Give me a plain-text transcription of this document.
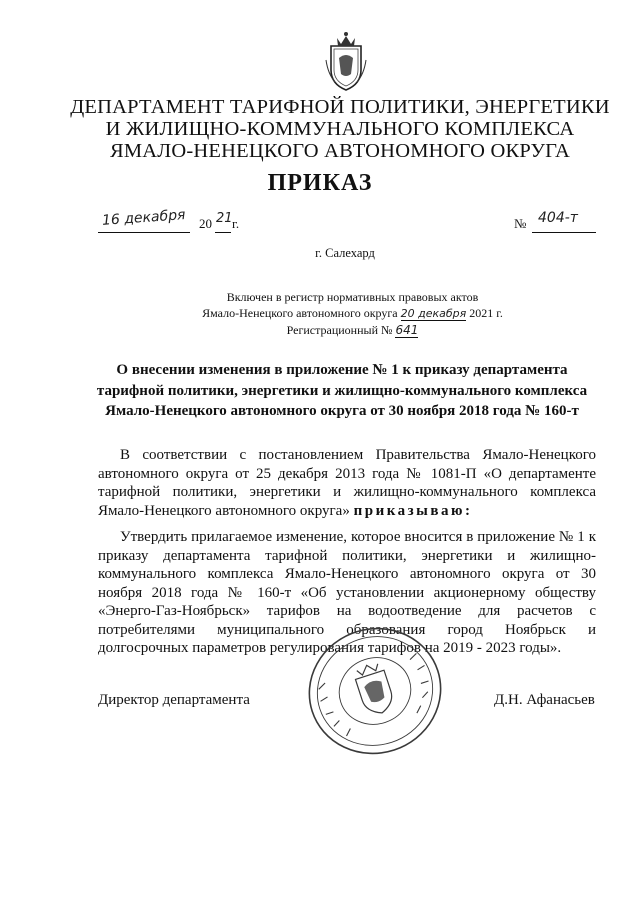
ДЕПАРТАМЕНТ ТАРИФНОЙ ПОЛИТИКИ, ЭНЕРГЕТИКИ
И ЖИЛИЩНО-КОММУНАЛЬНОГО КОМПЛЕКСА
ЯМАЛО-НЕНЕЦКОГО АВТОНОМНОГО ОКРУГА
ПРИКАЗ
16 декабря 20 21 г.	№ 404-т
г. Салехард
Включен в регистр нормативных правовых актов
Ямало-Ненецкого автономного округа 20 декабря 2021 г.
Регистрационный № 641
О внесении изменения в приложение № 1 к приказу департамента
тарифной политики, энергетики и жилищно-коммунального комплекса
Ямало-Ненецкого автономного округа от 30 ноября 2018 года № 160-т
В соответствии с постановлением Правительства Ямало-Ненецкого автономного округа от 25 декабря 2013 года № 1081-П «О департаменте тарифной политики, энергетики и жилищно-коммунального комплекса Ямало-Ненецкого автономного округа» приказываю:
Утвердить прилагаемое изменение, которое вносится в приложение № 1 к приказу департамента тарифной политики, энергетики и жилищно-коммунального комплекса Ямало-Ненецкого автономного округа от 30 ноября 2018 года № 160-т «Об установлении акционерному обществу «Энерго-Газ-Ноябрьск» тарифов на водоотведение для расчетов с потребителями муниципального образования город Ноябрьск и долгосрочных параметров регулирования тарифов на 2019 - 2023 годы».
Директор департамента	Д.Н. Афанасьев
